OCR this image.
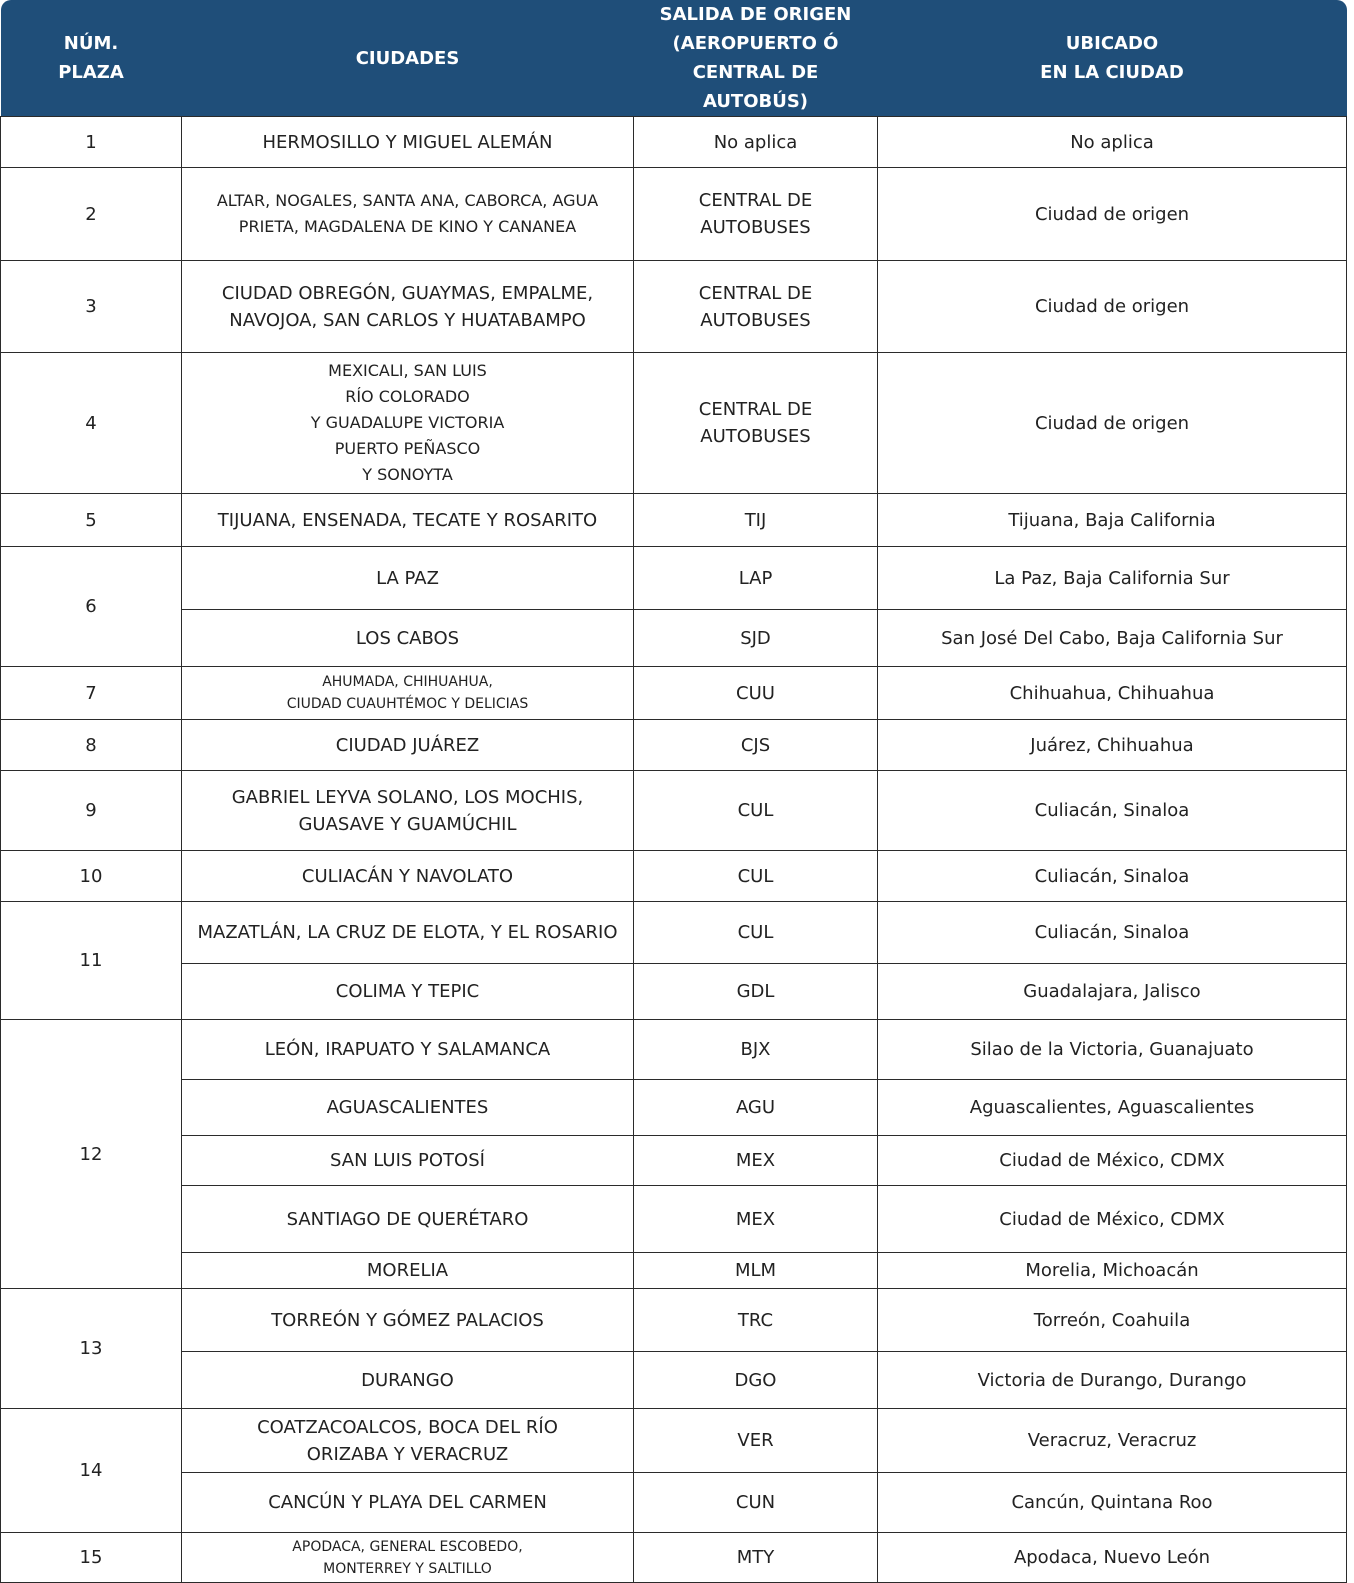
NÚM.
PLAZA	CIUDADES	SALIDA DE ORIGEN
(AEROPUERTO Ó
CENTRAL DE AUTOBÚS)	UBICADO
EN LA CIUDAD
1	HERMOSILLO Y MIGUEL ALEMÁN	No aplica	No aplica
2	ALTAR, NOGALES, SANTA ANA, CABORCA, AGUA
PRIETA, MAGDALENA DE KINO Y CANANEA	CENTRAL DE
AUTOBUSES	Ciudad de origen
3	CIUDAD OBREGÓN, GUAYMAS, EMPALME,
NAVOJOA, SAN CARLOS Y HUATABAMPO	CENTRAL DE
AUTOBUSES	Ciudad de origen
4	MEXICALI, SAN LUIS
RÍO COLORADO
Y GUADALUPE VICTORIA
PUERTO PEÑASCO
Y SONOYTA	CENTRAL DE
AUTOBUSES	Ciudad de origen
5	TIJUANA, ENSENADA, TECATE Y ROSARITO	TIJ	Tijuana, Baja California
6	LA PAZ	LAP	La Paz, Baja California Sur
	LOS CABOS	SJD	San José Del Cabo, Baja California Sur
7	AHUMADA, CHIHUAHUA,
CIUDAD CUAUHTÉMOC Y DELICIAS	CUU	Chihuahua, Chihuahua
8	CIUDAD JUÁREZ	CJS	Juárez, Chihuahua
9	GABRIEL LEYVA SOLANO, LOS MOCHIS,
GUASAVE Y GUAMÚCHIL	CUL	Culiacán, Sinaloa
10	CULIACÁN Y NAVOLATO	CUL	Culiacán, Sinaloa
11	MAZATLÁN, LA CRUZ DE ELOTA, Y EL ROSARIO	CUL	Culiacán, Sinaloa
	COLIMA Y TEPIC	GDL	Guadalajara, Jalisco
12	LEÓN, IRAPUATO Y SALAMANCA	BJX	Silao de la Victoria, Guanajuato
	AGUASCALIENTES	AGU	Aguascalientes, Aguascalientes
	SAN LUIS POTOSÍ	MEX	Ciudad de México, CDMX
	SANTIAGO DE QUERÉTARO	MEX	Ciudad de México, CDMX
	MORELIA	MLM	Morelia, Michoacán
13	TORREÓN Y GÓMEZ PALACIOS	TRC	Torreón, Coahuila
	DURANGO	DGO	Victoria de Durango, Durango
14	COATZACOALCOS, BOCA DEL RÍO
ORIZABA Y VERACRUZ	VER	Veracruz, Veracruz
	CANCÚN Y PLAYA DEL CARMEN	CUN	Cancún, Quintana Roo
15	APODACA, GENERAL ESCOBEDO,
MONTERREY Y SALTILLO	MTY	Apodaca, Nuevo León
